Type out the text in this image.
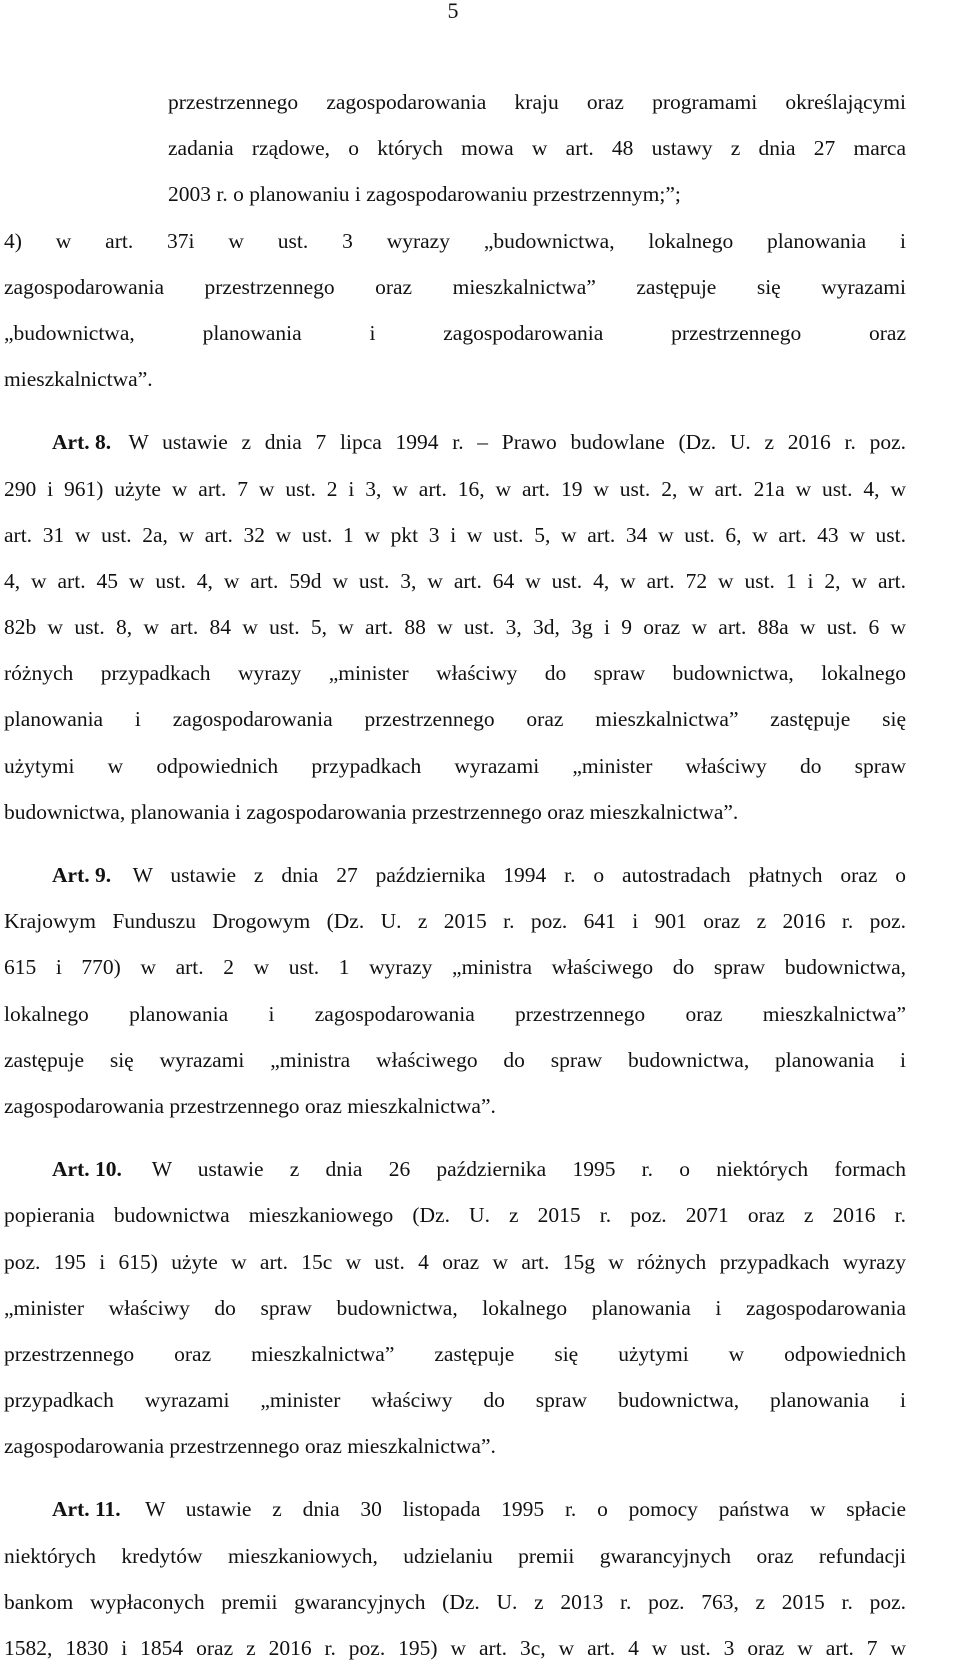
5
przestrzennego zagospodarowania kraju oraz programami określającymi
zadania rządowe, o których mowa w art. 48 ustawy z dnia 27 marca
2003 r. o planowaniu i zagospodarowaniu przestrzennym;”;
4) w art. 37i w ust. 3 wyrazy „budownictwa, lokalnego planowania i
zagospodarowania przestrzennego oraz mieszkalnictwa” zastępuje się wyrazami
„budownictwa, planowania i zagospodarowania przestrzennego oraz
mieszkalnictwa”.
Art. 8. W ustawie z dnia 7 lipca 1994 r. – Prawo budowlane (Dz. U. z 2016 r. poz.
290 i 961) użyte w art. 7 w ust. 2 i 3, w art. 16, w art. 19 w ust. 2, w art. 21a w ust. 4, w
art. 31 w ust. 2a, w art. 32 w ust. 1 w pkt 3 i w ust. 5, w art. 34 w ust. 6, w art. 43 w ust.
4, w art. 45 w ust. 4, w art. 59d w ust. 3, w art. 64 w ust. 4, w art. 72 w ust. 1 i 2, w art.
82b w ust. 8, w art. 84 w ust. 5, w art. 88 w ust. 3, 3d, 3g i 9 oraz w art. 88a w ust. 6 w
różnych przypadkach wyrazy „minister właściwy do spraw budownictwa, lokalnego
planowania i zagospodarowania przestrzennego oraz mieszkalnictwa” zastępuje się
użytymi w odpowiednich przypadkach wyrazami „minister właściwy do spraw
budownictwa, planowania i zagospodarowania przestrzennego oraz mieszkalnictwa”.
Art. 9. W ustawie z dnia 27 października 1994 r. o autostradach płatnych oraz o
Krajowym Funduszu Drogowym (Dz. U. z 2015 r. poz. 641 i 901 oraz z 2016 r. poz.
615 i 770) w art. 2 w ust. 1 wyrazy „ministra właściwego do spraw budownictwa,
lokalnego planowania i zagospodarowania przestrzennego oraz mieszkalnictwa”
zastępuje się wyrazami „ministra właściwego do spraw budownictwa, planowania i
zagospodarowania przestrzennego oraz mieszkalnictwa”.
Art. 10. W ustawie z dnia 26 października 1995 r. o niektórych formach
popierania budownictwa mieszkaniowego (Dz. U. z 2015 r. poz. 2071 oraz z 2016 r.
poz. 195 i 615) użyte w art. 15c w ust. 4 oraz w art. 15g w różnych przypadkach wyrazy
„minister właściwy do spraw budownictwa, lokalnego planowania i zagospodarowania
przestrzennego oraz mieszkalnictwa” zastępuje się użytymi w odpowiednich
przypadkach wyrazami „minister właściwy do spraw budownictwa, planowania i
zagospodarowania przestrzennego oraz mieszkalnictwa”.
Art. 11. W ustawie z dnia 30 listopada 1995 r. o pomocy państwa w spłacie
niektórych kredytów mieszkaniowych, udzielaniu premii gwarancyjnych oraz refundacji
bankom wypłaconych premii gwarancyjnych (Dz. U. z 2013 r. poz. 763, z 2015 r. poz.
1582, 1830 i 1854 oraz z 2016 r. poz. 195) w art. 3c, w art. 4 w ust. 3 oraz w art. 7 w
